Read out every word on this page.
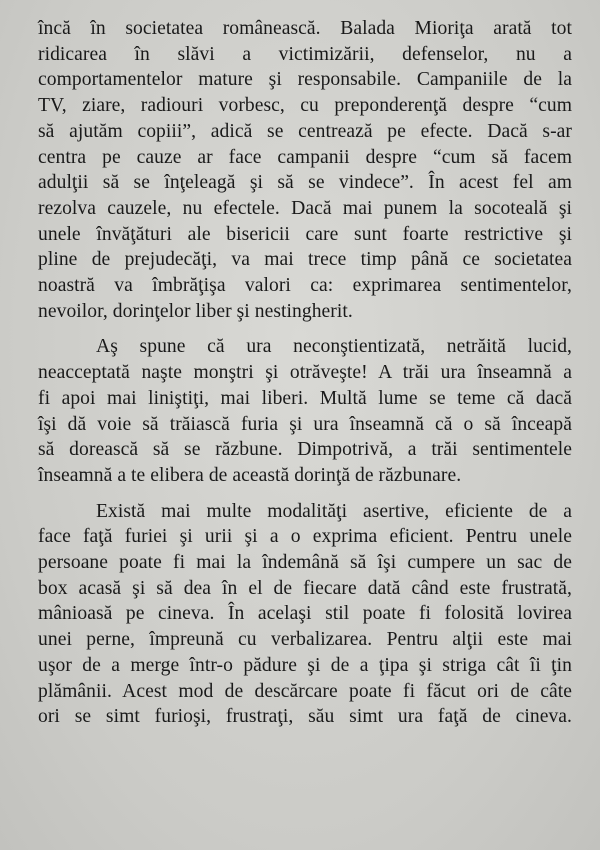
încă în societatea românească. Balada Mioriţa arată tot
ridicarea în slăvi a victimizării, defenselor, nu a
comportamentelor mature şi responsabile. Campaniile de la
TV, ziare, radiouri vorbesc, cu preponderenţă despre “cum
să ajutăm copiii”, adică se centrează pe efecte. Dacă s-ar
centra pe cauze ar face campanii despre “cum să facem
adulţii să se înţeleagă şi să se vindece”. În acest fel am
rezolva cauzele, nu efectele. Dacă mai punem la socoteală şi
unele învăţături ale bisericii care sunt foarte restrictive şi
pline de prejudecăţi, va mai trece timp până ce societatea
noastră va îmbrăţişa valori ca: exprimarea sentimentelor,
nevoilor, dorinţelor liber şi nestingherit.

Aş spune că ura neconştientizată, netrăită lucid,
neacceptată naşte monştri şi otrăveşte! A trăi ura înseamnă a
fi apoi mai liniştiţi, mai liberi. Multă lume se teme că dacă
îşi dă voie să trăiască furia şi ura înseamnă că o să înceapă
să dorească să se răzbune. Dimpotrivă, a trăi sentimentele
înseamnă a te elibera de această dorinţă de răzbunare.

Există mai multe modalităţi asertive, eficiente de a
face faţă furiei şi urii şi a o exprima eficient. Pentru unele
persoane poate fi mai la îndemână să îşi cumpere un sac de
box acasă şi să dea în el de fiecare dată când este frustrată,
mânioasă pe cineva. În acelaşi stil poate fi folosită lovirea
unei perne, împreună cu verbalizarea. Pentru alţii este mai
uşor de a merge într-o pădure şi de a ţipa şi striga cât îi ţin
plămânii. Acest mod de descărcare poate fi făcut ori de câte
ori se simt furioşi, frustraţi, său simt ura faţă de cineva.
